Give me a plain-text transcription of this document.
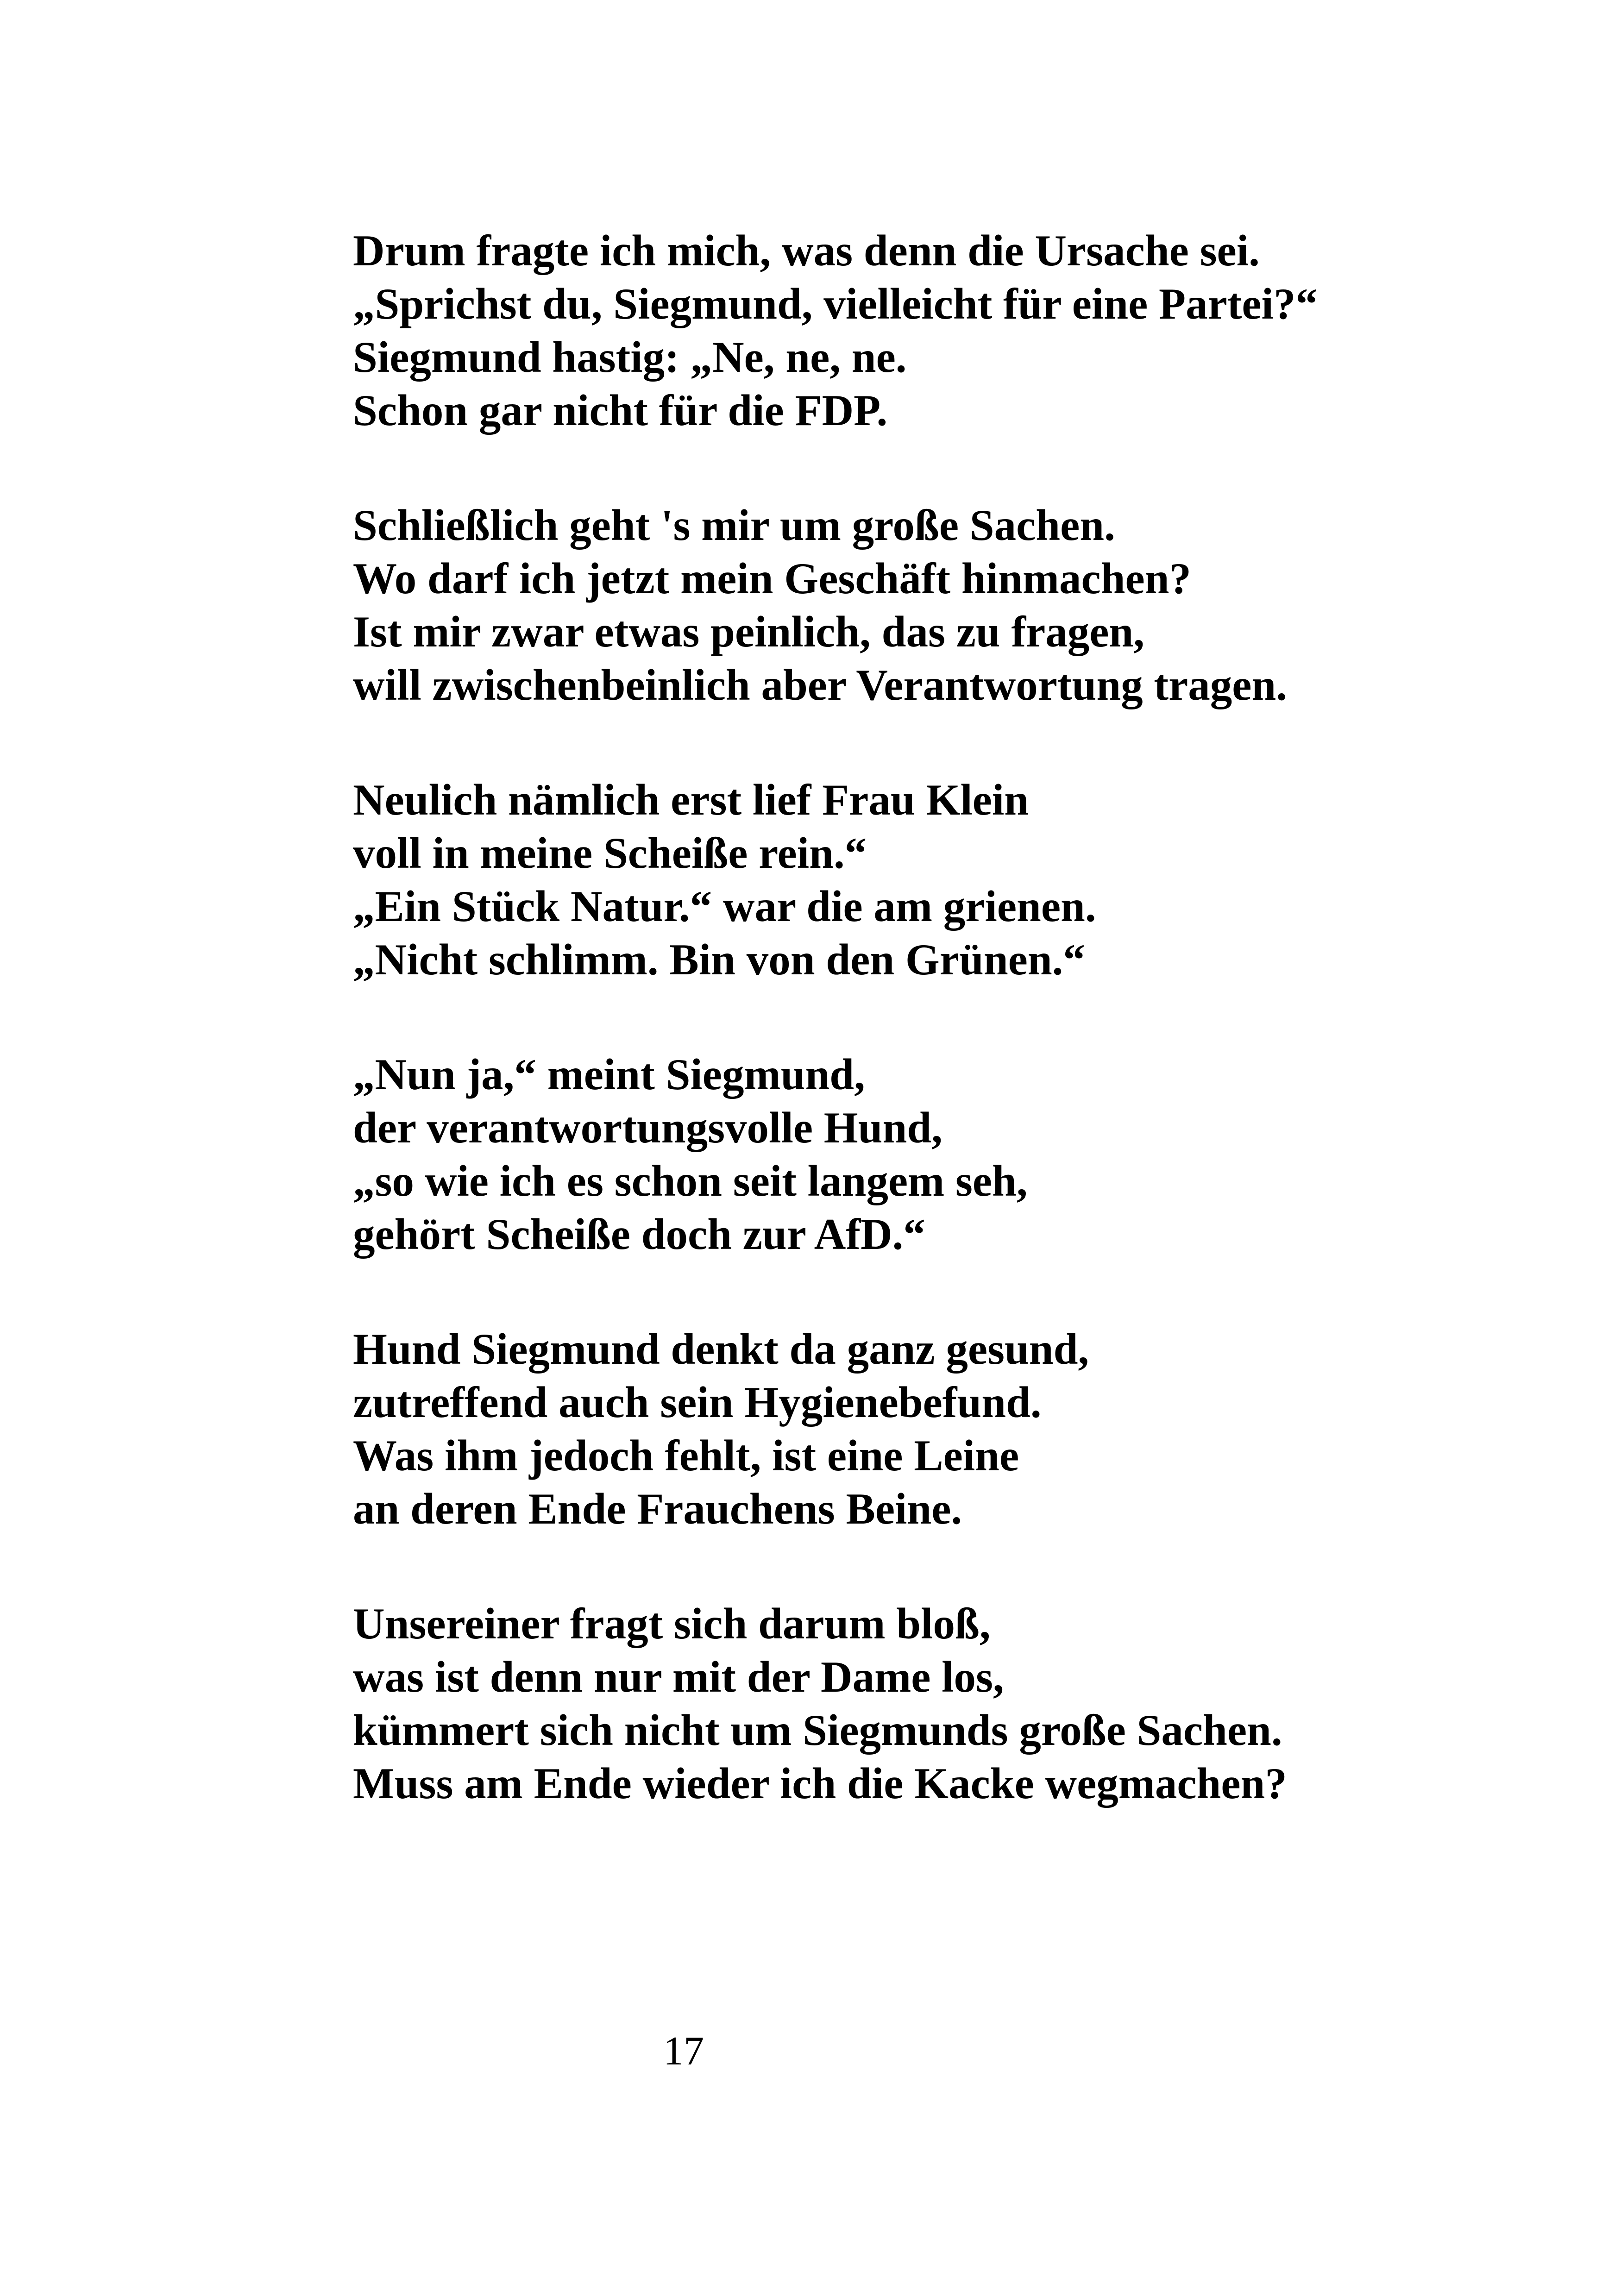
Drum fragte ich mich, was denn die Ursache sei.
„Sprichst du, Siegmund, vielleicht für eine Partei?“
Siegmund hastig: „Ne, ne, ne.
Schon gar nicht für die FDP.
Schließlich geht 's mir um große Sachen.
Wo darf ich jetzt mein Geschäft hinmachen?
Ist mir zwar etwas peinlich, das zu fragen,
will zwischenbeinlich aber Verantwortung tragen.
Neulich nämlich erst lief Frau Klein
voll in meine Scheiße rein.“
„Ein Stück Natur.“ war die am grienen.
„Nicht schlimm. Bin von den Grünen.“
„Nun ja,“ meint Siegmund,
der verantwortungsvolle Hund,
„so wie ich es schon seit langem seh,
gehört Scheiße doch zur AfD.“
Hund Siegmund denkt da ganz gesund,
zutreffend auch sein Hygienebefund.
Was ihm jedoch fehlt, ist eine Leine
an deren Ende Frauchens Beine.
Unsereiner fragt sich darum bloß,
was ist denn nur mit der Dame los,
kümmert sich nicht um Siegmunds große Sachen.
Muss am Ende wieder ich die Kacke wegmachen?
17
